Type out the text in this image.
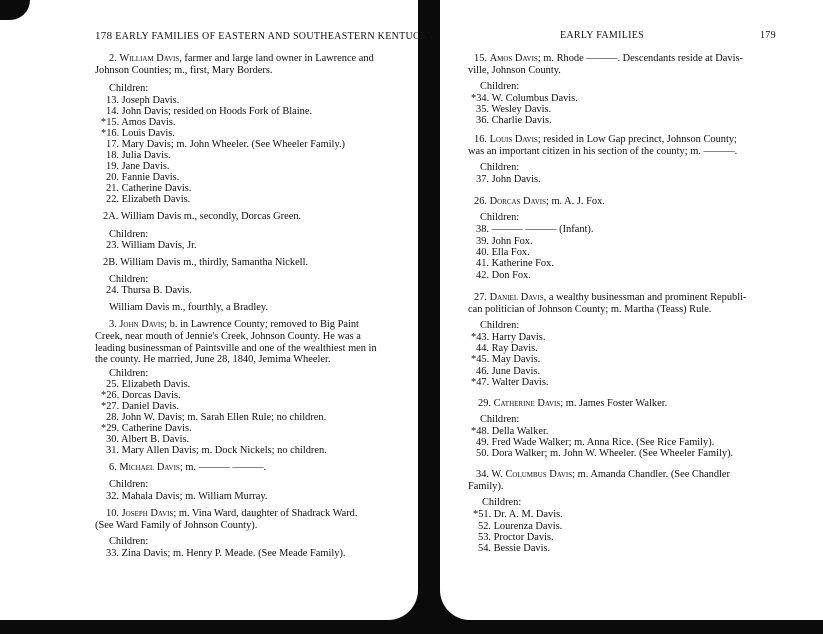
178 EARLY FAMILIES OF EASTERN AND SOUTHEASTERN KENTUCKY	EARLY FAMILIES	179
2. William Davis, farmer and large land owner in Lawrence and
Johnson Counties; m., first, Mary Borders.
Children:
13. Joseph Davis.
14. John Davis; resided on Hoods Fork of Blaine.
*15. Amos Davis.
*16. Louis Davis.
17. Mary Davis; m. John Wheeler. (See Wheeler Family.)
18. Julia Davis.
19. Jane Davis.
20. Fannie Davis.
21. Catherine Davis.
22. Elizabeth Davis.
2A. William Davis m., secondly, Dorcas Green.
Children:
23. William Davis, Jr.
2B. William Davis m., thirdly, Samantha Nickell.
Children:
24. Thursa B. Davis.
William Davis m., fourthly, a Bradley.
3. John Davis; b. in Lawrence County; removed to Big Paint
Creek, near mouth of Jennie's Creek, Johnson County. He was a
leading businessman of Paintsville and one of the wealthiest men in
the county. He married, June 28, 1840, Jemima Wheeler.
Children:
25. Elizabeth Davis.
*26. Dorcas Davis.
*27. Daniel Davis.
28. John W. Davis; m. Sarah Ellen Rule; no children.
*29. Catherine Davis.
30. Albert B. Davis.
31. Mary Allen Davis; m. Dock Nickels; no children.
6. Michael Davis; m. ——— ———.
Children:
32. Mahala Davis; m. William Murray.
10. Joseph Davis; m. Vina Ward, daughter of Shadrack Ward.
(See Ward Family of Johnson County).
Children:
33. Zina Davis; m. Henry P. Meade. (See Meade Family).
15. Amos Davis; m. Rhode ———. Descendants reside at Davis-
ville, Johnson County.
Children:
*34. W. Columbus Davis.
35. Wesley Davis.
36. Charlie Davis.
16. Louis Davis; resided in Low Gap precinct, Johnson County;
was an important citizen in his section of the county; m. ———.
Children:
37. John Davis.
26. Dorcas Davis; m. A. J. Fox.
Children:
38. ——— ——— (Infant).
39. John Fox.
40. Ella Fox.
41. Katherine Fox.
42. Don Fox.
27. Daniel Davis, a wealthy businessman and prominent Republi-
can politician of Johnson County; m. Martha (Teass) Rule.
Children:
*43. Harry Davis.
44. Ray Davis.
*45. May Davis.
46. June Davis.
*47. Walter Davis.
29. Catherine Davis; m. James Foster Walker.
Children:
*48. Della Walker.
49. Fred Wade Walker; m. Anna Rice. (See Rice Family).
50. Dora Walker; m. John W. Wheeler. (See Wheeler Family).
34. W. Columbus Davis; m. Amanda Chandler. (See Chandler
Family).
Children:
*51. Dr. A. M. Davis.
52. Lourenza Davis.
53. Proctor Davis.
54. Bessie Davis.
